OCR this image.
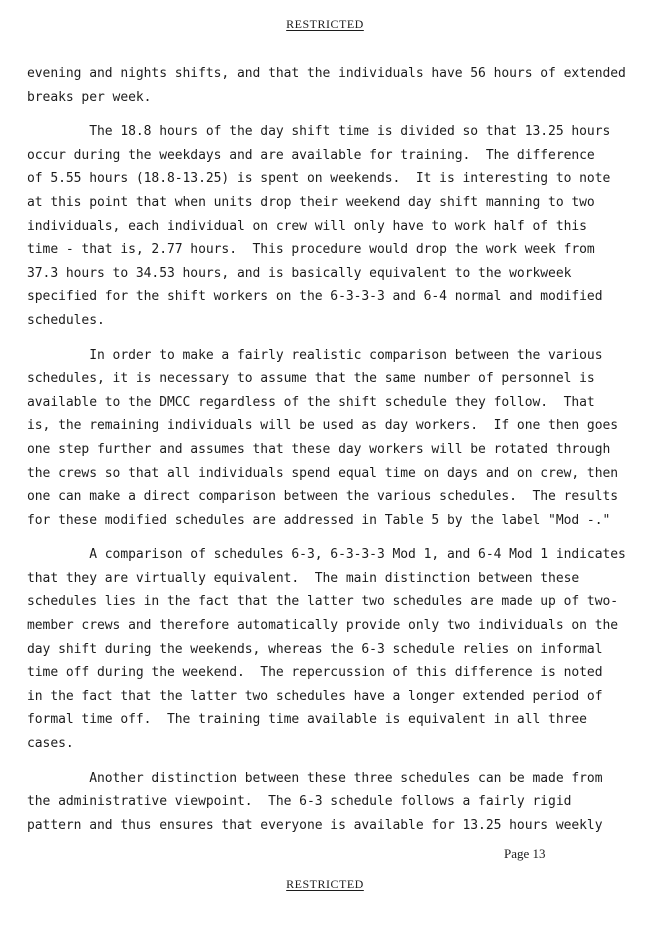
RESTRICTED
evening and nights shifts, and that the individuals have 56 hours of extended
breaks per week.
The 18.8 hours of the day shift time is divided so that 13.25 hours
occur during the weekdays and are available for training.  The difference
of 5.55 hours (18.8-13.25) is spent on weekends.  It is interesting to note
at this point that when units drop their weekend day shift manning to two
individuals, each individual on crew will only have to work half of this
time - that is, 2.77 hours.  This procedure would drop the work week from
37.3 hours to 34.53 hours, and is basically equivalent to the workweek
specified for the shift workers on the 6-3-3-3 and 6-4 normal and modified
schedules.
In order to make a fairly realistic comparison between the various
schedules, it is necessary to assume that the same number of personnel is
available to the DMCC regardless of the shift schedule they follow.  That
is, the remaining individuals will be used as day workers.  If one then goes
one step further and assumes that these day workers will be rotated through
the crews so that all individuals spend equal time on days and on crew, then
one can make a direct comparison between the various schedules.  The results
for these modified schedules are addressed in Table 5 by the label "Mod -."
A comparison of schedules 6-3, 6-3-3-3 Mod 1, and 6-4 Mod 1 indicates
that they are virtually equivalent.  The main distinction between these
schedules lies in the fact that the latter two schedules are made up of two-
member crews and therefore automatically provide only two individuals on the
day shift during the weekends, whereas the 6-3 schedule relies on informal
time off during the weekend.  The repercussion of this difference is noted
in the fact that the latter two schedules have a longer extended period of
formal time off.  The training time available is equivalent in all three
cases.
Another distinction between these three schedules can be made from
the administrative viewpoint.  The 6-3 schedule follows a fairly rigid
pattern and thus ensures that everyone is available for 13.25 hours weekly
Page 13
RESTRICTED
